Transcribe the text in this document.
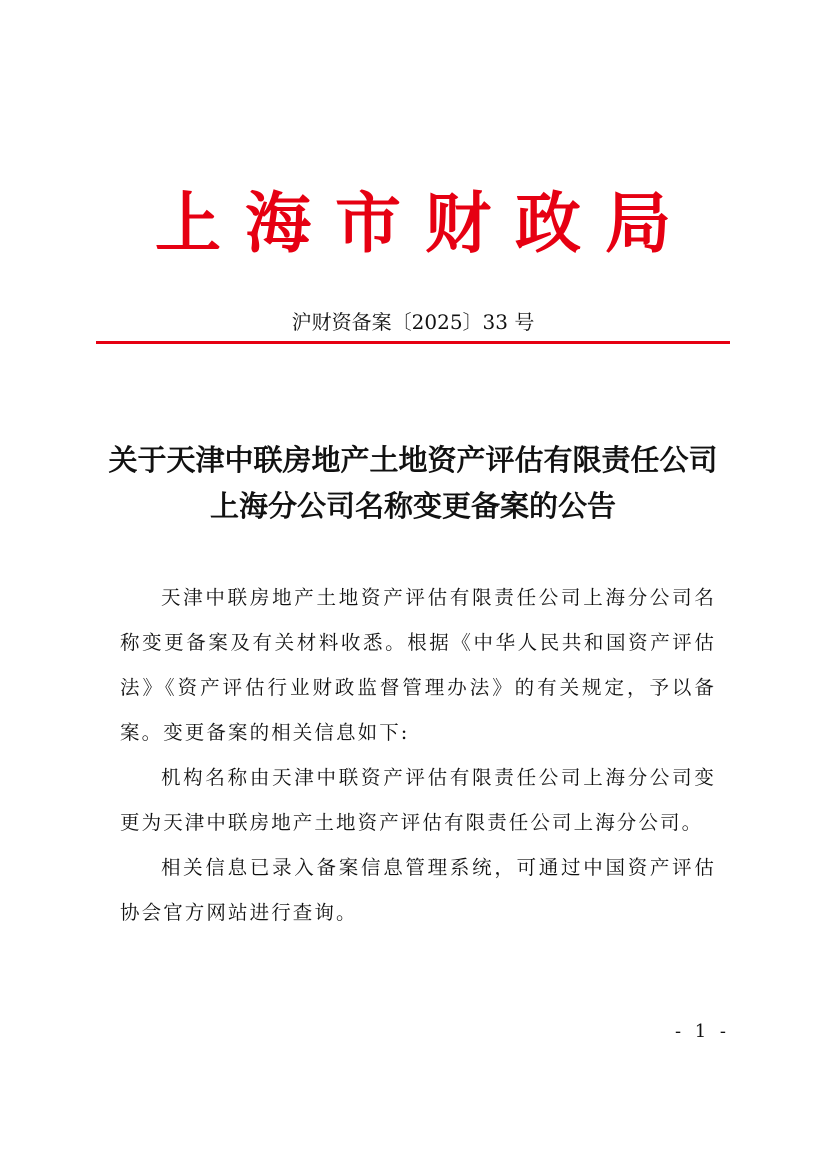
上海市财政局
沪财资备案〔2025〕33 号
关于天津中联房地产土地资产评估有限责任公司
上海分公司名称变更备案的公告

天津中联房地产土地资产评估有限责任公司上海分公司名称变更备案及有关材料收悉。根据《中华人民共和国资产评估法》《资产评估行业财政监督管理办法》的有关规定，予以备案。变更备案的相关信息如下:

机构名称由天津中联资产评估有限责任公司上海分公司变更为天津中联房地产土地资产评估有限责任公司上海分公司。

相关信息已录入备案信息管理系统，可通过中国资产评估协会官方网站进行查询。

- 1 -
